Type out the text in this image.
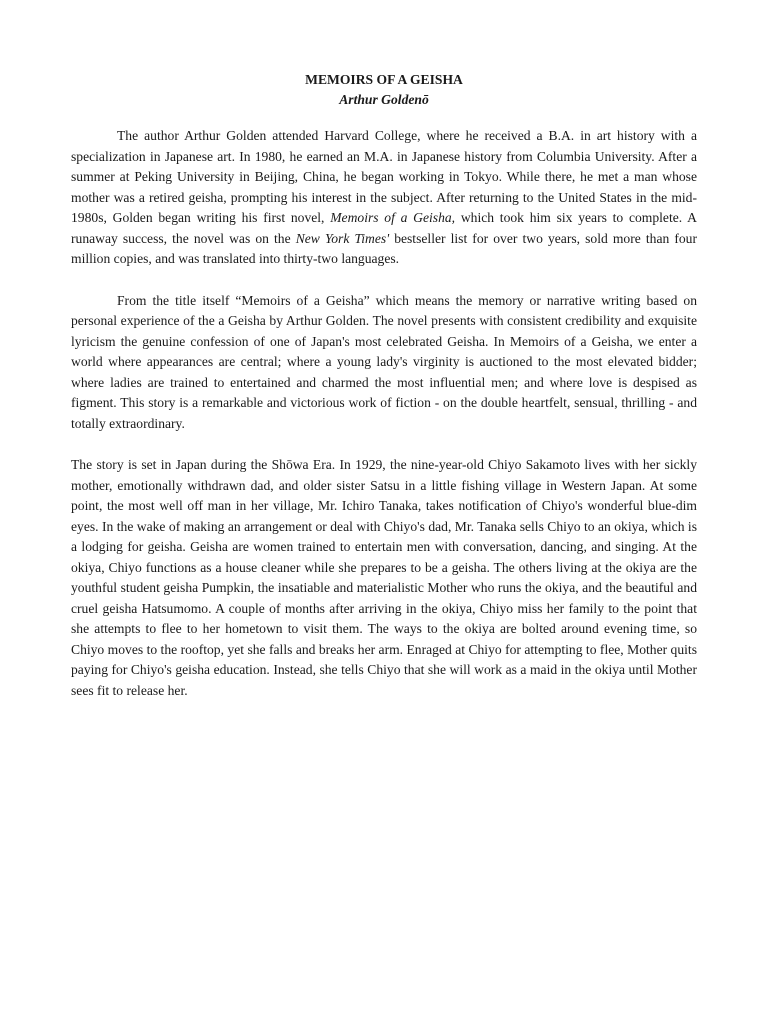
MEMOIRS OF A GEISHA
Arthur Goldenō

The author Arthur Golden attended Harvard College, where he received a B.A. in art history with a specialization in Japanese art. In 1980, he earned an M.A. in Japanese history from Columbia University. After a summer at Peking University in Beijing, China, he began working in Tokyo. While there, he met a man whose mother was a retired geisha, prompting his interest in the subject. After returning to the United States in the mid-1980s, Golden began writing his first novel, Memoirs of a Geisha, which took him six years to complete. A runaway success, the novel was on the New York Times' bestseller list for over two years, sold more than four million copies, and was translated into thirty-two languages.

From the title itself “Memoirs of a Geisha” which means the memory or narrative writing based on personal experience of the a Geisha by Arthur Golden. The novel presents with consistent credibility and exquisite lyricism the genuine confession of one of Japan's most celebrated Geisha. In Memoirs of a Geisha, we enter a world where appearances are central; where a young lady's virginity is auctioned to the most elevated bidder; where ladies are trained to entertained and charmed the most influential men; and where love is despised as figment. This story is a remarkable and victorious work of fiction - on the double heartfelt, sensual, thrilling - and totally extraordinary.

The story is set in Japan during the Shōwa Era. In 1929, the nine-year-old Chiyo Sakamoto lives with her sickly mother, emotionally withdrawn dad, and older sister Satsu in a little fishing village in Western Japan. At some point, the most well off man in her village, Mr. Ichiro Tanaka, takes notification of Chiyo's wonderful blue-dim eyes. In the wake of making an arrangement or deal with Chiyo's dad, Mr. Tanaka sells Chiyo to an okiya, which is a lodging for geisha. Geisha are women trained to entertain men with conversation, dancing, and singing. At the okiya, Chiyo functions as a house cleaner while she prepares to be a geisha. The others living at the okiya are the youthful student geisha Pumpkin, the insatiable and materialistic Mother who runs the okiya, and the beautiful and cruel geisha Hatsumomo. A couple of months after arriving in the okiya, Chiyo miss her family to the point that she attempts to flee to her hometown to visit them. The ways to the okiya are bolted around evening time, so Chiyo moves to the rooftop, yet she falls and breaks her arm. Enraged at Chiyo for attempting to flee, Mother quits paying for Chiyo's geisha education. Instead, she tells Chiyo that she will work as a maid in the okiya until Mother sees fit to release her.
